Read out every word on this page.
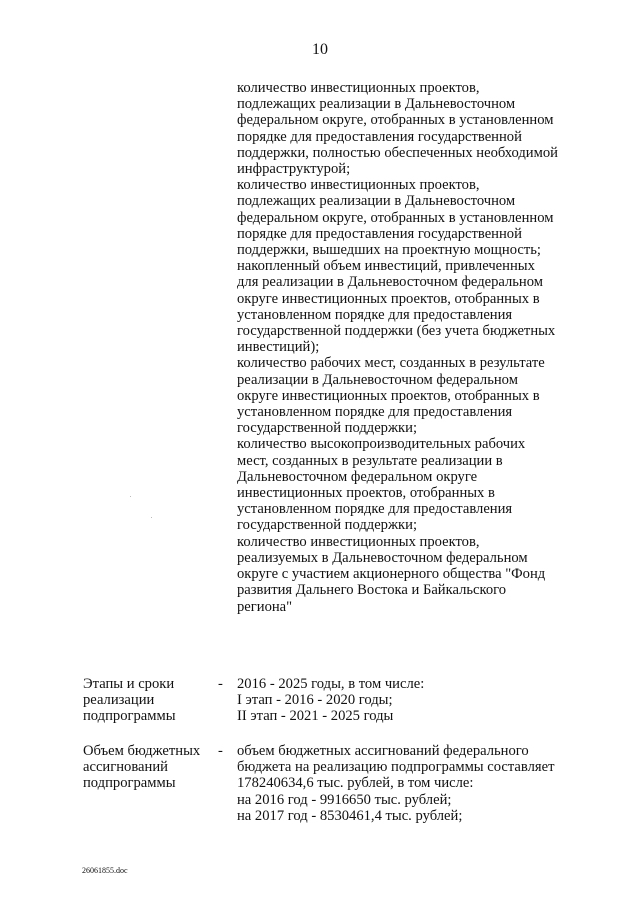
10
количество инвестиционных проектов,
подлежащих реализации в Дальневосточном
федеральном округе, отобранных в установленном
порядке для предоставления государственной
поддержки, полностью обеспеченных необходимой
инфраструктурой;
количество инвестиционных проектов,
подлежащих реализации в Дальневосточном
федеральном округе, отобранных в установленном
порядке для предоставления государственной
поддержки, вышедших на проектную мощность;
накопленный объем инвестиций, привлеченных
для реализации в Дальневосточном федеральном
округе инвестиционных проектов, отобранных в
установленном порядке для предоставления
государственной поддержки (без учета бюджетных
инвестиций);
количество рабочих мест, созданных в результате
реализации в Дальневосточном федеральном
округе инвестиционных проектов, отобранных в
установленном порядке для предоставления
государственной поддержки;
количество высокопроизводительных рабочих
мест, созданных в результате реализации в
Дальневосточном федеральном округе
инвестиционных проектов, отобранных в
установленном порядке для предоставления
государственной поддержки;
количество инвестиционных проектов,
реализуемых в Дальневосточном федеральном
округе с участием акционерного общества "Фонд
развития Дальнего Востока и Байкальского
региона"
Этапы и сроки
реализации
подпрограммы
- 2016 - 2025 годы, в том числе:
I этап - 2016 - 2020 годы;
II этап - 2021 - 2025 годы
Объем бюджетных
ассигнований
подпрограммы
- объем бюджетных ассигнований федерального
бюджета на реализацию подпрограммы составляет
178240634,6 тыс. рублей, в том числе:
на 2016 год - 9916650 тыс. рублей;
на 2017 год - 8530461,4 тыс. рублей;
26061855.doc
